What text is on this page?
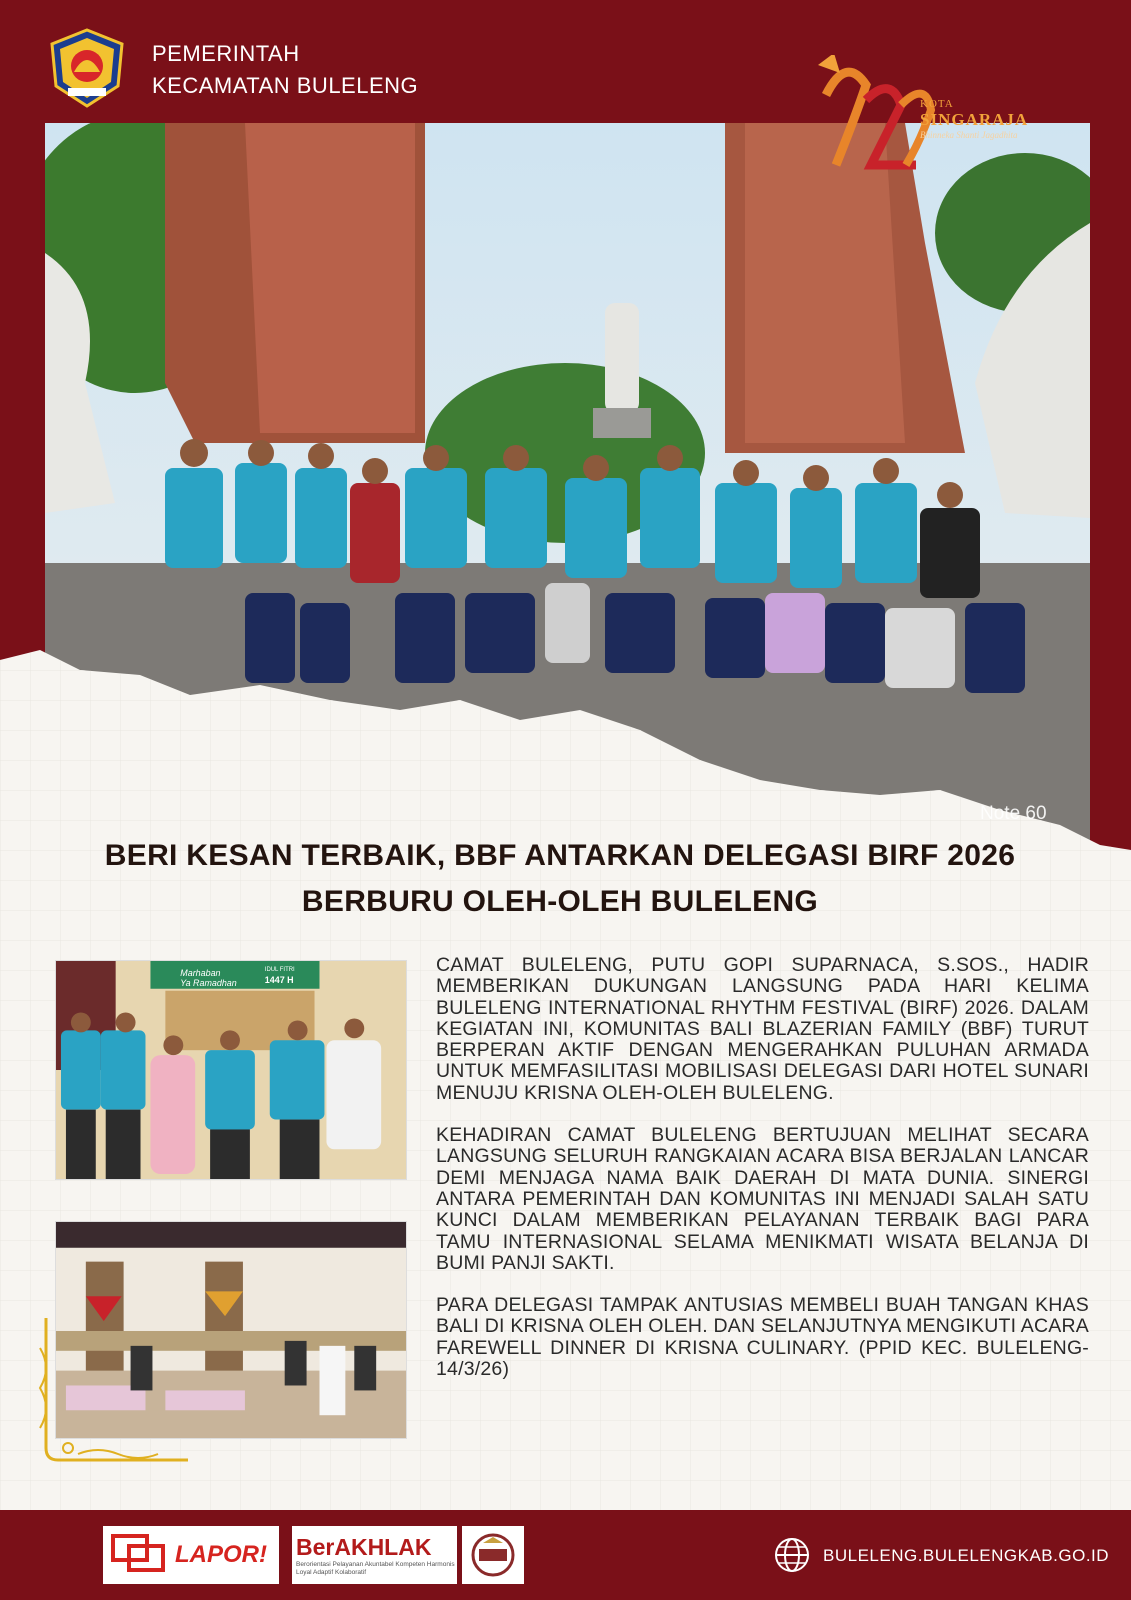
PEMERINTAH
KECAMATAN BULELENG
Note 60
KOTA
SINGARAJA
Bhinneka Shanti Jagadhita
BERI KESAN TERBAIK, BBF ANTARKAN DELEGASI BIRF 2026
BERBURU OLEH-OLEH BULELENG
Marhaban
Ya Ramadhan
IDUL FITRI
1447 H

CAMAT BULELENG, PUTU GOPI SUPARNACA, S.SOS., HADIR MEMBERIKAN DUKUNGAN LANGSUNG PADA HARI KELIMA BULELENG INTERNATIONAL RHYTHM FESTIVAL (BIRF) 2026. DALAM KEGIATAN INI, KOMUNITAS BALI BLAZERIAN FAMILY (BBF) TURUT BERPERAN AKTIF DENGAN MENGERAHKAN PULUHAN ARMADA UNTUK MEMFASILITASI MOBILISASI DELEGASI DARI HOTEL SUNARI MENUJU KRISNA OLEH-OLEH BULELENG.

KEHADIRAN CAMAT BULELENG BERTUJUAN MELIHAT SECARA LANGSUNG SELURUH RANGKAIAN ACARA BISA BERJALAN LANCAR DEMI MENJAGA NAMA BAIK DAERAH DI MATA DUNIA. SINERGI ANTARA PEMERINTAH DAN KOMUNITAS INI MENJADI SALAH SATU KUNCI DALAM MEMBERIKAN PELAYANAN TERBAIK BAGI PARA TAMU INTERNASIONAL SELAMA MENIKMATI WISATA BELANJA DI BUMI PANJI SAKTI.

PARA DELEGASI TAMPAK ANTUSIAS MEMBELI BUAH TANGAN KHAS BALI DI KRISNA OLEH OLEH. DAN SELANJUTNYA MENGIKUTI ACARA FAREWELL DINNER DI KRISNA CULINARY. (PPID KEC. BULELENG-14/3/26)

LAPOR! BerAKHLAK
Berorientasi Pelayanan Akuntabel Kompeten Harmonis Loyal Adaptif Kolaboratif
BULELENG.BULELENGKAB.GO.ID
